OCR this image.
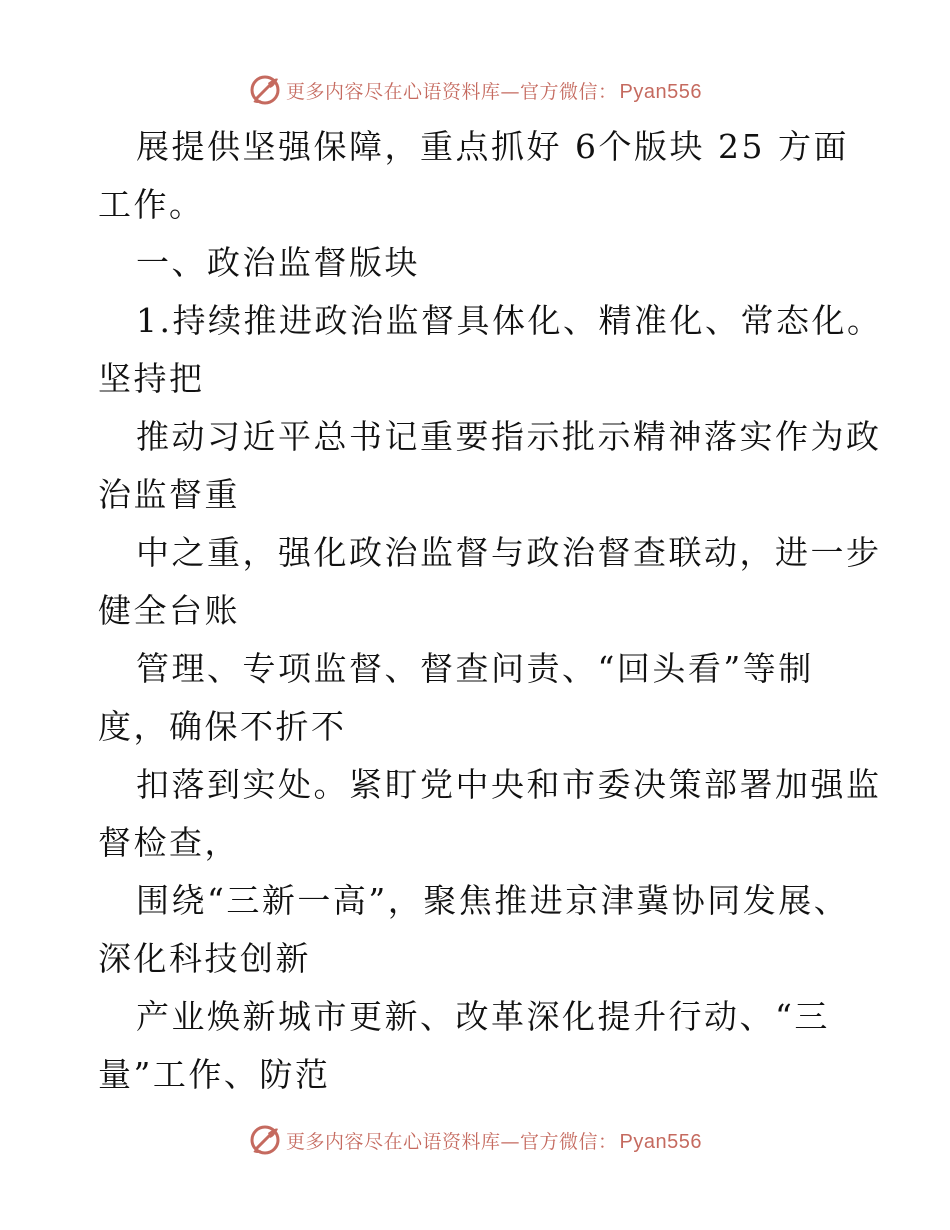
更多内容尽在心语资料库—官方微信： Pyan556
展提供坚强保障，重点抓好 6个版块 25 方面
工作。
一、政治监督版块
1.持续推进政治监督具体化、精准化、常态化。
坚持把
推动习近平总书记重要指示批示精神落实作为政
治监督重
中之重，强化政治监督与政治督查联动，进一步
健全台账
管理、专项监督、督查问责、“回头看”等制
度，确保不折不
扣落到实处。紧盯党中央和市委决策部署加强监
督检查，
围绕“三新一高”，聚焦推进京津冀协同发展、
深化科技创新
产业焕新城市更新、改革深化提升行动、“三
量”工作、防范
更多内容尽在心语资料库—官方微信： Pyan556
